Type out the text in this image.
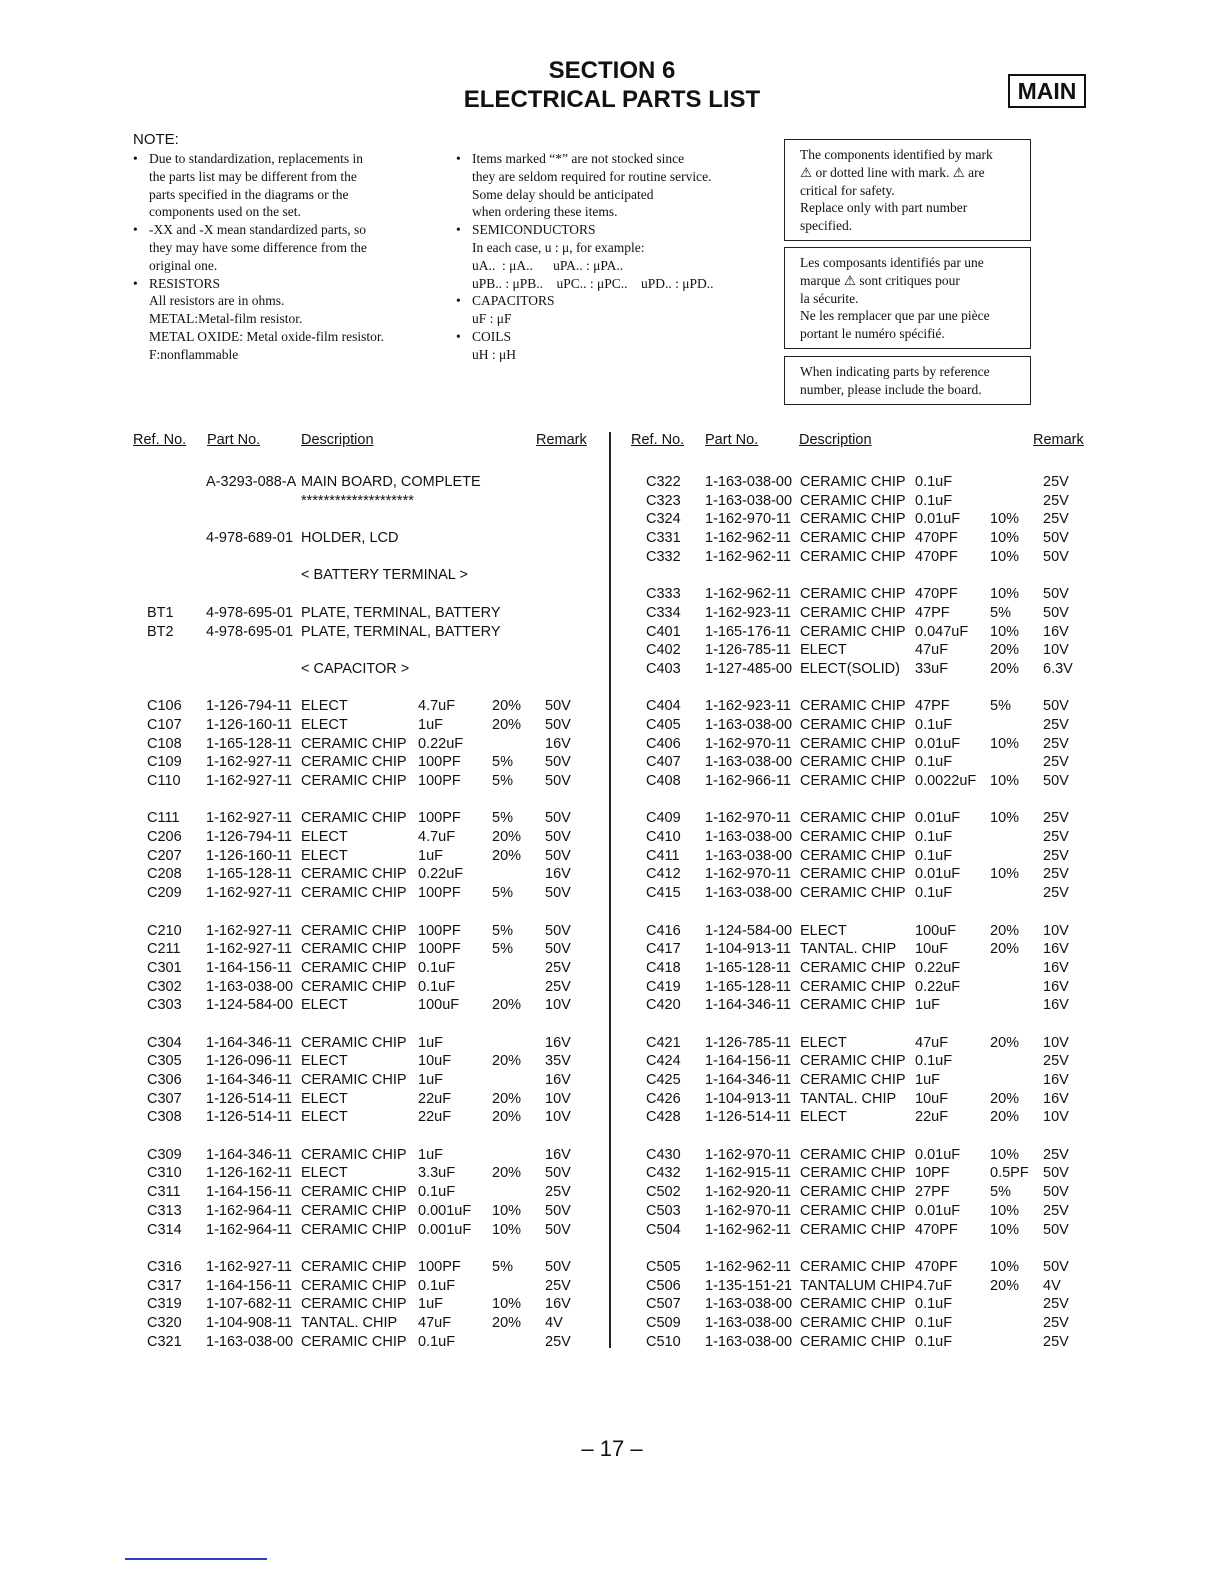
SECTION 6
ELECTRICAL PARTS LIST	MAIN
NOTE:
• Due to standardization, replacements in
the parts list may be different from the
parts specified in the diagrams or the
components used on the set.
• -XX and -X mean standardized parts, so
they may have some difference from the
original one.
• RESISTORS
All resistors are in ohms.
METAL:Metal-film resistor.
METAL OXIDE: Metal oxide-film resistor.
F:nonflammable
• Items marked “*” are not stocked since
they are seldom required for routine service.
Some delay should be anticipated
when ordering these items.
• SEMICONDUCTORS
In each case, u : μ, for example:
uA..  : μA..      uPA.. : μPA..
uPB.. : μPB..    uPC.. : μPC..    uPD.. : μPD..
• CAPACITORS
uF : μF
• COILS
uH : μH

The components identified by mark

⚠ or dotted line with mark. ⚠ are

critical for safety.

Replace only with part number

specified.

Les composants identifiés par une

marque ⚠ sont critiques pour

la sécurite.

Ne les remplacer que par une pièce

portant le numéro spécifié.

When indicating parts by reference

number, please include the board.

Ref. No. Part No.	Description	Remark	Ref. No. Part No.	Description	Remark
A-3293-088-A MAIN BOARD, COMPLETE
********************
4-978-689-01 HOLDER, LCD
< BATTERY TERMINAL >
BT1 4-978-695-01 PLATE, TERMINAL, BATTERY
BT2 4-978-695-01 PLATE, TERMINAL, BATTERY
< CAPACITOR >
C106 1-126-794-11 ELECT	4.7uF	20% 50V
C107 1-126-160-11 ELECT	1uF	20% 50V
C108 1-165-128-11 CERAMIC CHIP 0.22uF	16V
C109 1-162-927-11 CERAMIC CHIP 100PF 5% 50V
C110 1-162-927-11 CERAMIC CHIP 100PF 5% 50V
C111 1-162-927-11 CERAMIC CHIP 100PF 5% 50V
C206 1-126-794-11 ELECT	4.7uF	20% 50V
C207 1-126-160-11 ELECT	1uF	20% 50V
C208 1-165-128-11 CERAMIC CHIP 0.22uF	16V
C209 1-162-927-11 CERAMIC CHIP 100PF 5% 50V
C210 1-162-927-11 CERAMIC CHIP 100PF 5% 50V
C211 1-162-927-11 CERAMIC CHIP 100PF 5% 50V
C301 1-164-156-11 CERAMIC CHIP 0.1uF	25V
C302 1-163-038-00 CERAMIC CHIP 0.1uF	25V
C303 1-124-584-00 ELECT	100uF 20% 10V
C304 1-164-346-11 CERAMIC CHIP 1uF	16V
C305 1-126-096-11 ELECT	10uF	20% 35V
C306 1-164-346-11 CERAMIC CHIP 1uF	16V
C307 1-126-514-11 ELECT	22uF	20% 10V
C308 1-126-514-11 ELECT	22uF	20% 10V
C309 1-164-346-11 CERAMIC CHIP 1uF	16V
C310 1-126-162-11 ELECT	3.3uF	20% 50V
C311 1-164-156-11 CERAMIC CHIP 0.1uF	25V
C313 1-162-964-11 CERAMIC CHIP 0.001uF 10% 50V
C314 1-162-964-11 CERAMIC CHIP 0.001uF 10% 50V
C316 1-162-927-11 CERAMIC CHIP 100PF 5% 50V
C317 1-164-156-11 CERAMIC CHIP 0.1uF	25V
C319 1-107-682-11 CERAMIC CHIP 1uF	10% 16V
C320 1-104-908-11 TANTAL. CHIP 47uF	20% 4V
C321 1-163-038-00 CERAMIC CHIP 0.1uF	25V
C322 1-163-038-00 CERAMIC CHIP 0.1uF	25V
C323 1-163-038-00 CERAMIC CHIP 0.1uF	25V
C324 1-162-970-11 CERAMIC CHIP 0.01uF 10% 25V
C331 1-162-962-11 CERAMIC CHIP 470PF 10% 50V
C332 1-162-962-11 CERAMIC CHIP 470PF 10% 50V
C333 1-162-962-11 CERAMIC CHIP 470PF 10% 50V
C334 1-162-923-11 CERAMIC CHIP 47PF	5% 50V
C401 1-165-176-11 CERAMIC CHIP 0.047uF 10% 16V
C402 1-126-785-11 ELECT	47uF	20% 10V
C403 1-127-485-00 ELECT(SOLID) 33uF	20% 6.3V
C404 1-162-923-11 CERAMIC CHIP 47PF	5% 50V
C405 1-163-038-00 CERAMIC CHIP 0.1uF	25V
C406 1-162-970-11 CERAMIC CHIP 0.01uF 10% 25V
C407 1-163-038-00 CERAMIC CHIP 0.1uF	25V
C408 1-162-966-11 CERAMIC CHIP 0.0022uF 10% 50V
C409 1-162-970-11 CERAMIC CHIP 0.01uF 10% 25V
C410 1-163-038-00 CERAMIC CHIP 0.1uF	25V
C411 1-163-038-00 CERAMIC CHIP 0.1uF	25V
C412 1-162-970-11 CERAMIC CHIP 0.01uF 10% 25V
C415 1-163-038-00 CERAMIC CHIP 0.1uF	25V
C416 1-124-584-00 ELECT	100uF 20% 10V
C417 1-104-913-11 TANTAL. CHIP 10uF	20% 16V
C418 1-165-128-11 CERAMIC CHIP 0.22uF	16V
C419 1-165-128-11 CERAMIC CHIP 0.22uF	16V
C420 1-164-346-11 CERAMIC CHIP 1uF	16V
C421 1-126-785-11 ELECT	47uF	20% 10V
C424 1-164-156-11 CERAMIC CHIP 0.1uF	25V
C425 1-164-346-11 CERAMIC CHIP 1uF	16V
C426 1-104-913-11 TANTAL. CHIP 10uF	20% 16V
C428 1-126-514-11 ELECT	22uF	20% 10V
C430 1-162-970-11 CERAMIC CHIP 0.01uF 10% 25V
C432 1-162-915-11 CERAMIC CHIP 10PF	0.5PF 50V
C502 1-162-920-11 CERAMIC CHIP 27PF	5% 50V
C503 1-162-970-11 CERAMIC CHIP 0.01uF 10% 25V
C504 1-162-962-11 CERAMIC CHIP 470PF 10% 50V
C505 1-162-962-11 CERAMIC CHIP 470PF 10% 50V
C506 1-135-151-21 TANTALUM CHIP 4.7uF	20% 4V
C507 1-163-038-00 CERAMIC CHIP 0.1uF	25V
C509 1-163-038-00 CERAMIC CHIP 0.1uF	25V
C510 1-163-038-00 CERAMIC CHIP 0.1uF	25V
– 17 –
